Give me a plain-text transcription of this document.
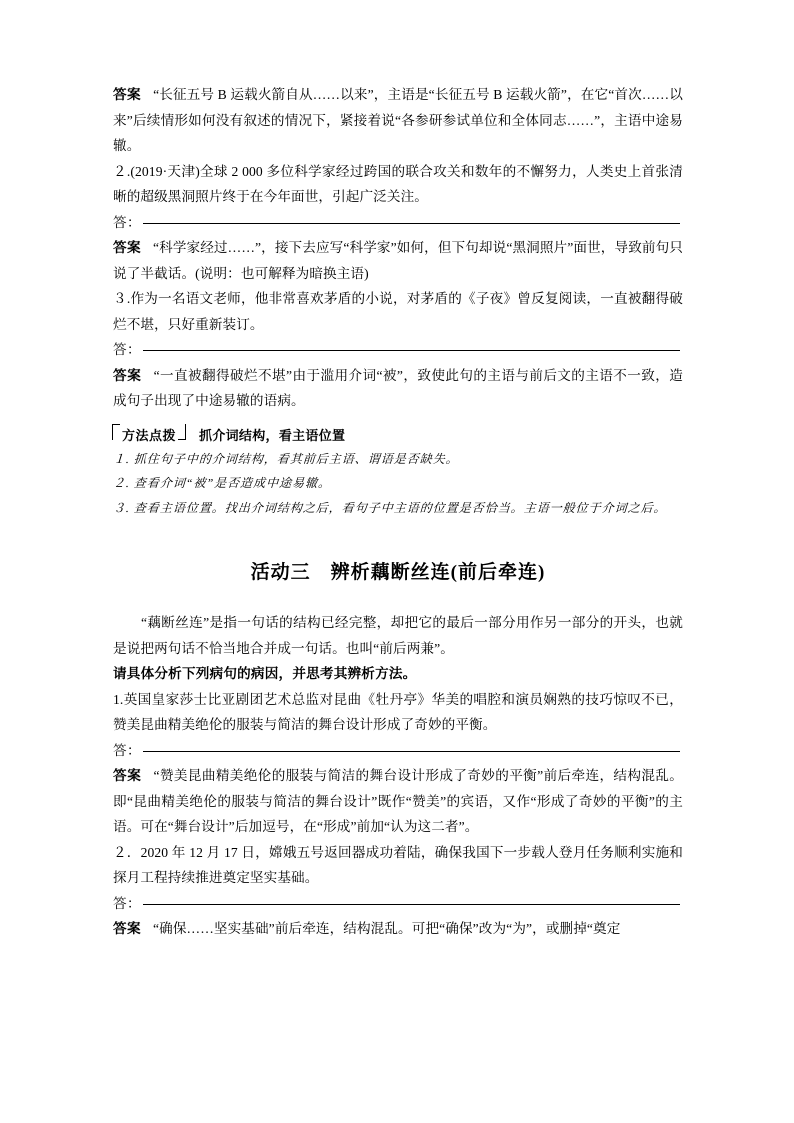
答案 “长征五号 B 运载火箭自从……以来”，主语是“长征五号 B 运载火箭”，在它“首次……以来”后续情形如何没有叙述的情况下，紧接着说“各参研参试单位和全体同志……”，主语中途易辙。

２.(2019·天津)全球 2 000 多位科学家经过跨国的联合攻关和数年的不懈努力，人类史上首张清晰的超级黑洞照片终于在今年面世，引起广泛关注。

答：

答案 “科学家经过……”，接下去应写“科学家”如何，但下句却说“黑洞照片”面世，导致前句只说了半截话。(说明：也可解释为暗换主语)

３.作为一名语文老师，他非常喜欢茅盾的小说，对茅盾的《子夜》曾反复阅读，一直被翻得破烂不堪，只好重新装订。

答：

答案 “一直被翻得破烂不堪”由于滥用介词“被”，致使此句的主语与前后文的主语不一致，造成句子出现了中途易辙的语病。

方法点拨	抓介词结构，看主语位置

１. 抓住句子中的介词结构，看其前后主语、谓语是否缺失。

２. 查看介词“被”是否造成中途易辙。

３. 查看主语位置。找出介词结构之后，看句子中主语的位置是否恰当。主语一般位于介词之后。

活动三 辨析藕断丝连(前后牵连)

“藕断丝连”是指一句话的结构已经完整，却把它的最后一部分用作另一部分的开头，也就是说把两句话不恰当地合并成一句话。也叫“前后两兼”。

请具体分析下列病句的病因，并思考其辨析方法。

1.英国皇家莎士比亚剧团艺术总监对昆曲《牡丹亭》华美的唱腔和演员娴熟的技巧惊叹不已，赞美昆曲精美绝伦的服装与简洁的舞台设计形成了奇妙的平衡。

答：

答案 “赞美昆曲精美绝伦的服装与简洁的舞台设计形成了奇妙的平衡”前后牵连，结构混乱。即“昆曲精美绝伦的服装与简洁的舞台设计”既作“赞美”的宾语，又作“形成了奇妙的平衡”的主语。可在“舞台设计”后加逗号，在“形成”前加“认为这二者”。

２．2020 年 12 月 17 日，嫦娥五号返回器成功着陆，确保我国下一步载人登月任务顺利实施和探月工程持续推进奠定坚实基础。

答：

答案 “确保……坚实基础”前后牵连，结构混乱。可把“确保”改为“为”，或删掉“奠定
